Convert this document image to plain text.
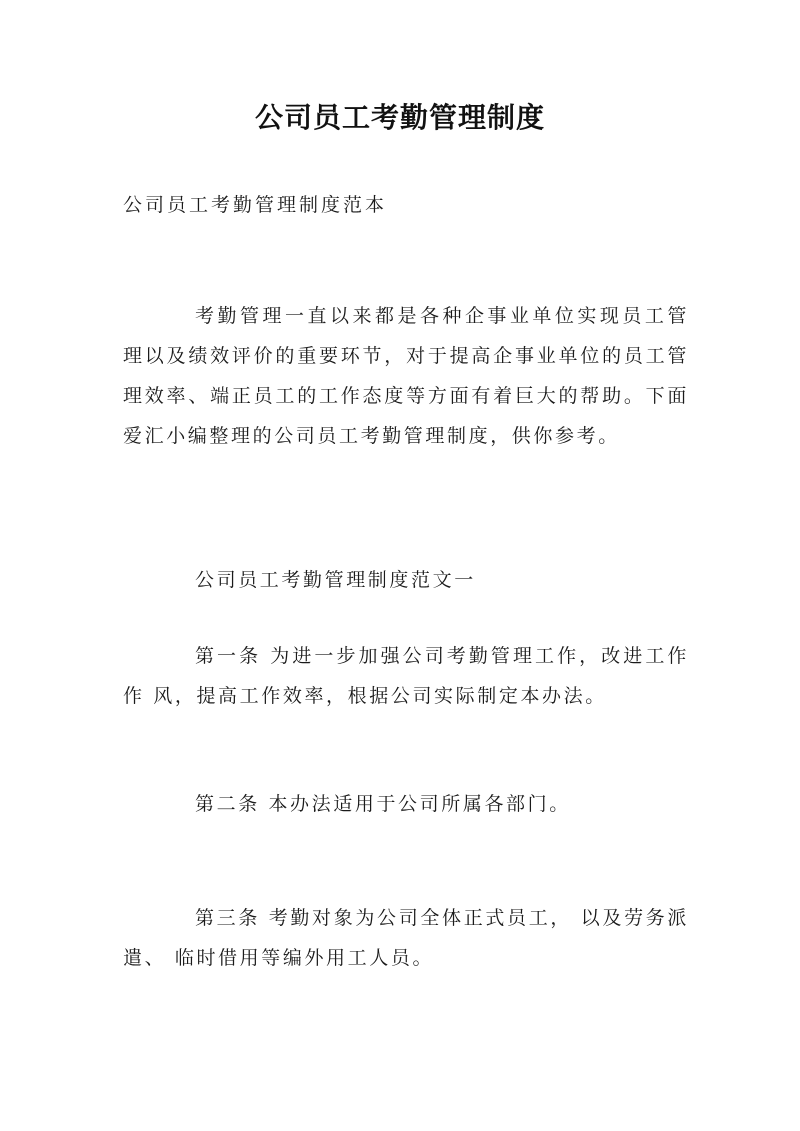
公司员工考勤管理制度
公司员工考勤管理制度范本

考勤管理一直以来都是各种企事业单位实现员工管理以及绩效评价的重要环节，对于提高企事业单位的员工管理效率、端正员工的工作态度等方面有着巨大的帮助。下面爱汇小编整理的公司员工考勤管理制度，供你参考。

公司员工考勤管理制度范文一

第一条 为进一步加强公司考勤管理工作，改进工作作 风，提高工作效率，根据公司实际制定本办法。

第二条 本办法适用于公司所属各部门。

第三条 考勤对象为公司全体正式员工， 以及劳务派遣、 临时借用等编外用工人员。
